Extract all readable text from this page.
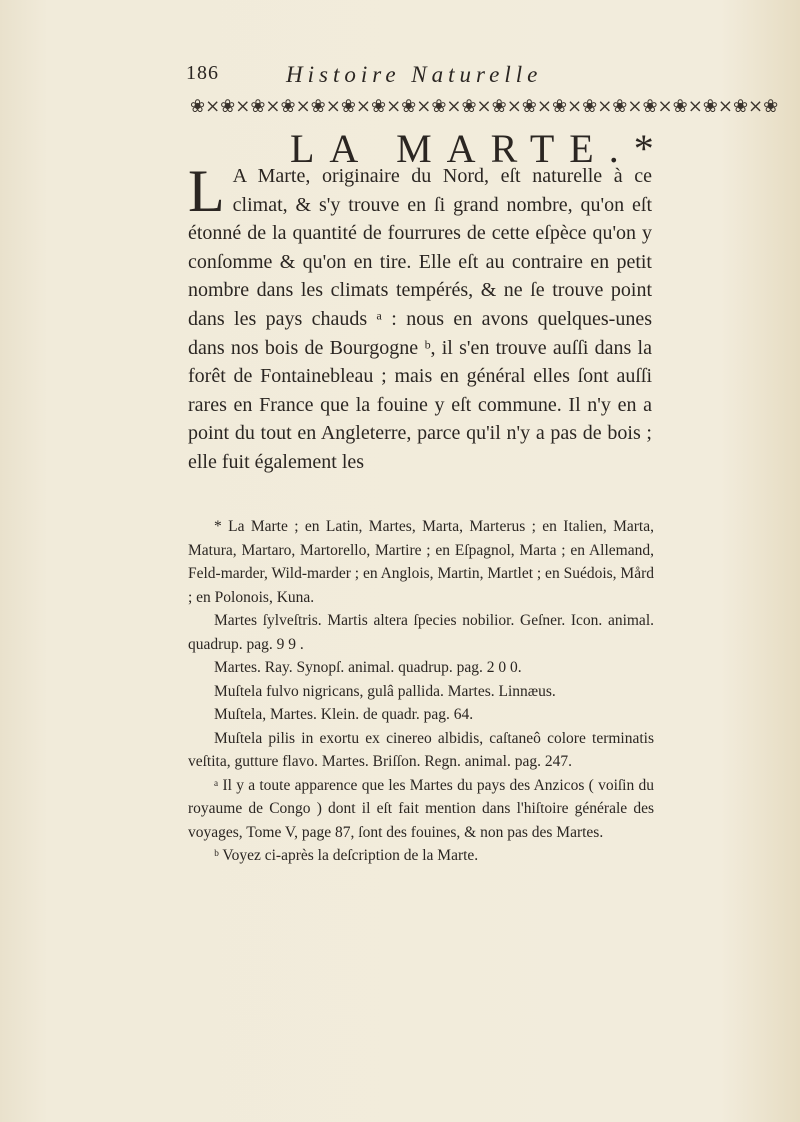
186	Histoire Naturelle
❀⨯❀⨯❀⨯❀⨯❀⨯❀⨯❀⨯❀⨯❀⨯❀⨯❀⨯❀⨯❀⨯❀⨯❀⨯❀⨯❀⨯❀⨯❀⨯❀
LA MARTE.*
L A Marte, originaire du Nord, eſt naturelle à ce climat, & s'y trouve en ſi grand nombre, qu'on eſt étonné de la quantité de fourrures de cette eſpèce qu'on y conſomme & qu'on en tire. Elle eſt au contraire en petit nombre dans les climats tempérés, & ne ſe trouve point dans les pays chauds ᵃ : nous en avons quelques-unes dans nos bois de Bourgogne ᵇ, il s'en trouve auſſi dans la forêt de Fontainebleau ; mais en général elles ſont auſſi rares en France que la fouine y eſt commune. Il n'y en a point du tout en Angleterre, parce qu'il n'y a pas de bois ; elle fuit également les

* La Marte ; en Latin, Martes, Marta, Marterus ; en Italien, Marta, Matura, Martaro, Martorello, Martire ; en Eſpagnol, Marta ; en Allemand, Feld-marder, Wild-marder ; en Anglois, Martin, Martlet ; en Suédois, Mård ; en Polonois, Kuna.

Martes ſylveſtris. Martis altera ſpecies nobilior. Geſner. Icon. animal. quadrup. pag. 9 9 .

Martes. Ray. Synopſ. animal. quadrup. pag. 2 0 0.

Muſtela fulvo nigricans, gulâ pallida. Martes. Linnæus.

Muſtela, Martes. Klein. de quadr. pag. 64.

Muſtela pilis in exortu ex cinereo albidis, caſtaneô colore terminatis veſtita, gutture flavo. Martes. Briſſon. Regn. animal. pag. 247.

ᵃ Il y a toute apparence que les Martes du pays des Anzicos ( voiſin du royaume de Congo ) dont il eſt fait mention dans l'hiſtoire générale des voyages, Tome V, page 87, ſont des fouines, & non pas des Martes.

ᵇ Voyez ci-après la deſcription de la Marte.
